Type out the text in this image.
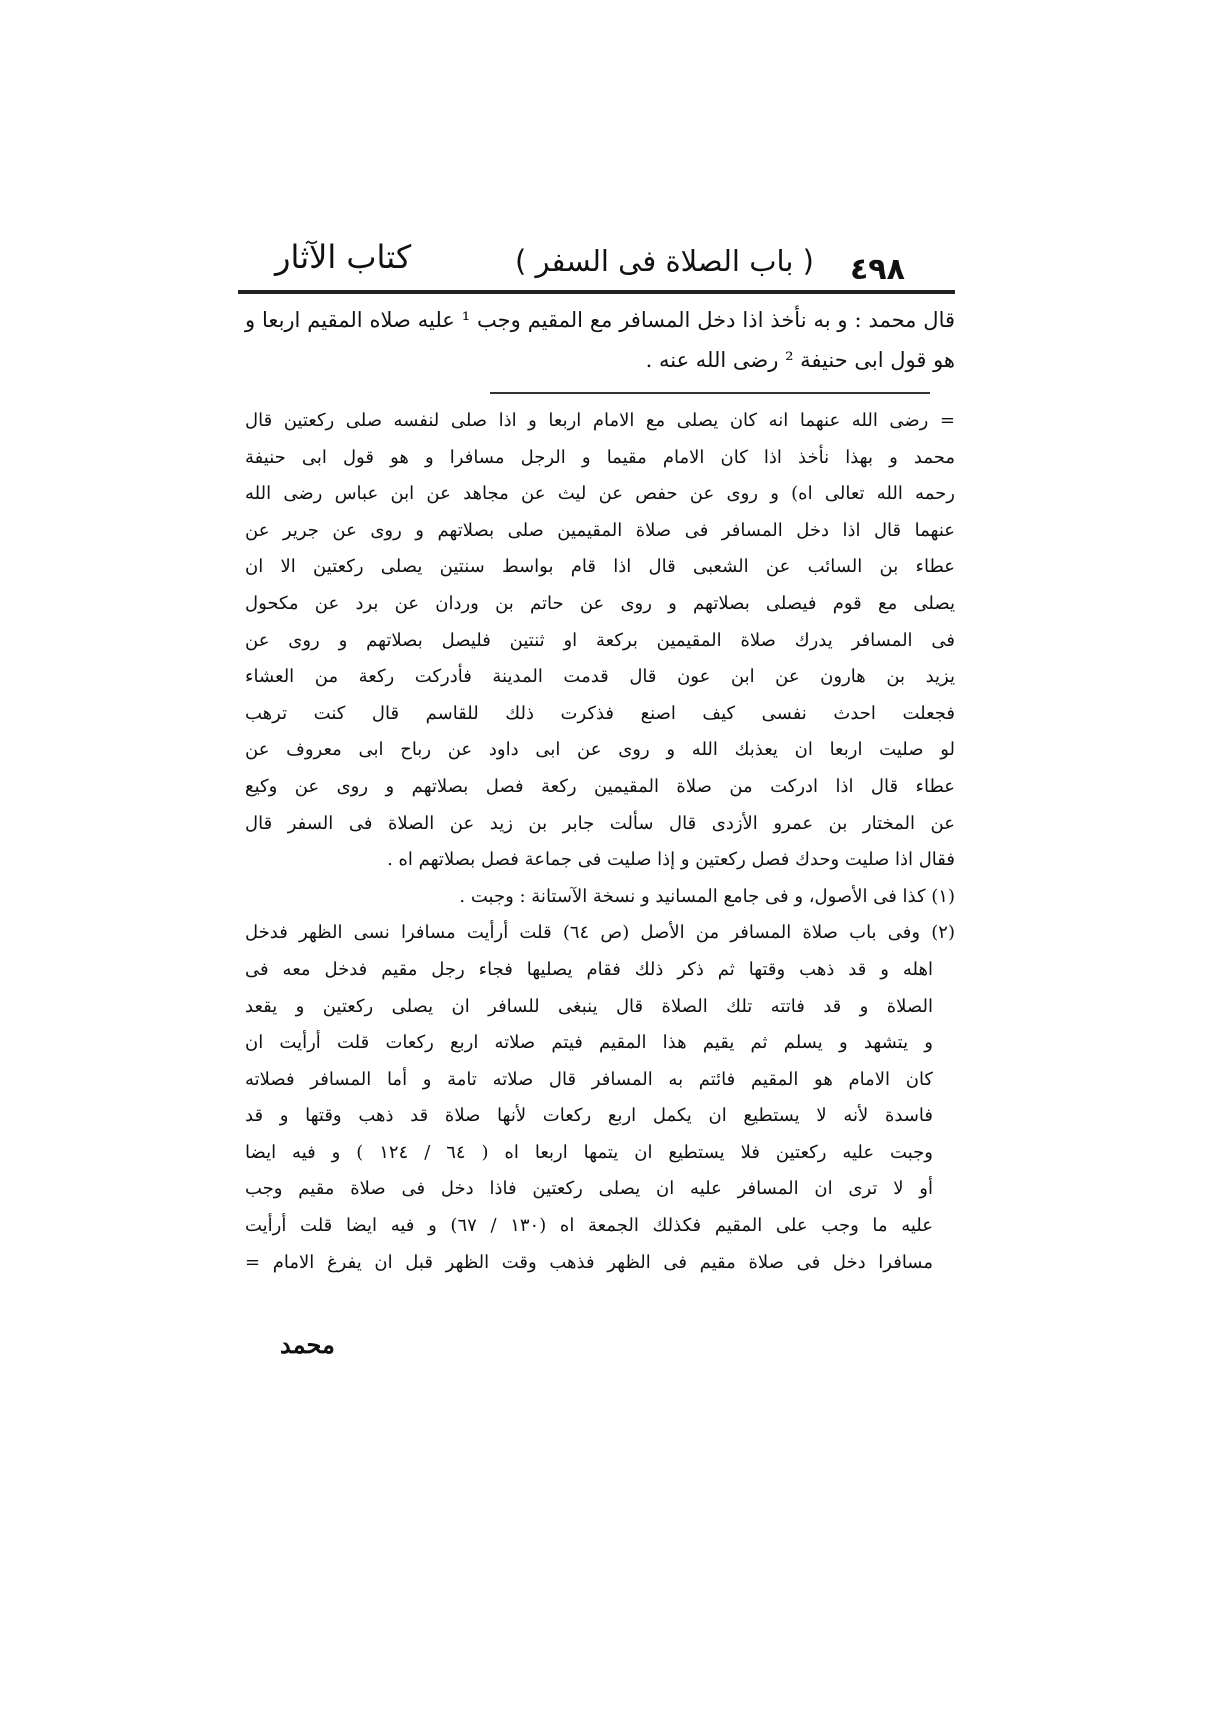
٤٩٨
( باب الصلاة فى السفر )
كتاب الآثار
قال محمد : و به نأخذ اذا دخل المسافر مع المقيم وجب ¹ عليه صلاه المقيم اربعا و هو قول ابى حنيفة ² رضى الله عنه .
= رضى الله عنهما انه كان يصلى مع الامام اربعا و اذا صلى لنفسه صلى ركعتين قال
محمد و بهذا نأخذ اذا كان الامام مقيما و الرجل مسافرا و هو قول ابى حنيفة
رحمه الله تعالى اه) و روى عن حفص عن ليث عن مجاهد عن ابن عباس رضى الله
عنهما قال اذا دخل المسافر فى صلاة المقيمين صلى بصلاتهم و روى عن جرير عن
عطاء بن السائب عن الشعبى قال اذا قام بواسط سنتين يصلى ركعتين الا ان
يصلى مع قوم فيصلى بصلاتهم و روى عن حاتم بن وردان عن برد عن مكحول
فى المسافر يدرك صلاة المقيمين بركعة او ثنتين فليصل بصلاتهم و روى عن
يزيد بن هارون عن ابن عون قال قدمت المدينة فأدركت ركعة من العشاء
فجعلت احدث نفسى كيف اصنع فذكرت ذلك للقاسم قال كنت ترهب
لو صليت اربعا ان يعذبك الله و روى عن ابى داود عن رباح ابى معروف عن
عطاء قال اذا ادركت من صلاة المقيمين ركعة فصل بصلاتهم و روى عن وكيع
عن المختار بن عمرو الأزدى قال سألت جابر بن زيد عن الصلاة فى السفر قال
فقال اذا صليت وحدك فصل ركعتين و إذا صليت فى جماعة فصل بصلاتهم اه .
(١) كذا فى الأصول، و فى جامع المسانيد و نسخة الآستانة : وجبت .
(٢) وفى باب صلاة المسافر من الأصل (ص ٦٤) قلت أرأيت مسافرا نسى الظهر فدخل
اهله و قد ذهب وقتها ثم ذكر ذلك فقام يصليها فجاء رجل مقيم فدخل معه فى
الصلاة و قد فاتته تلك الصلاة قال ينبغى للسافر ان يصلى ركعتين و يقعد
و يتشهد و يسلم ثم يقيم هذا المقيم فيتم صلاته اربع ركعات قلت أرأيت ان
كان الامام هو المقيم فائتم به المسافر قال صلاته تامة و أما المسافر فصلاته
فاسدة لأنه لا يستطيع ان يكمل اربع ركعات لأنها صلاة قد ذهب وقتها و قد
وجبت عليه ركعتين فلا يستطيع ان يتمها اربعا اه ( ٦٤ / ١٢٤ ) و فيه ايضا
أو لا ترى ان المسافر عليه ان يصلى ركعتين فاذا دخل فى صلاة مقيم وجب
عليه ما وجب على المقيم فكذلك الجمعة اه (١٣٠ / ٦٧) و فيه ايضا قلت أرأيت
مسافرا دخل فى صلاة مقيم فى الظهر فذهب وقت الظهر قبل ان يفرغ الامام =
محمد
